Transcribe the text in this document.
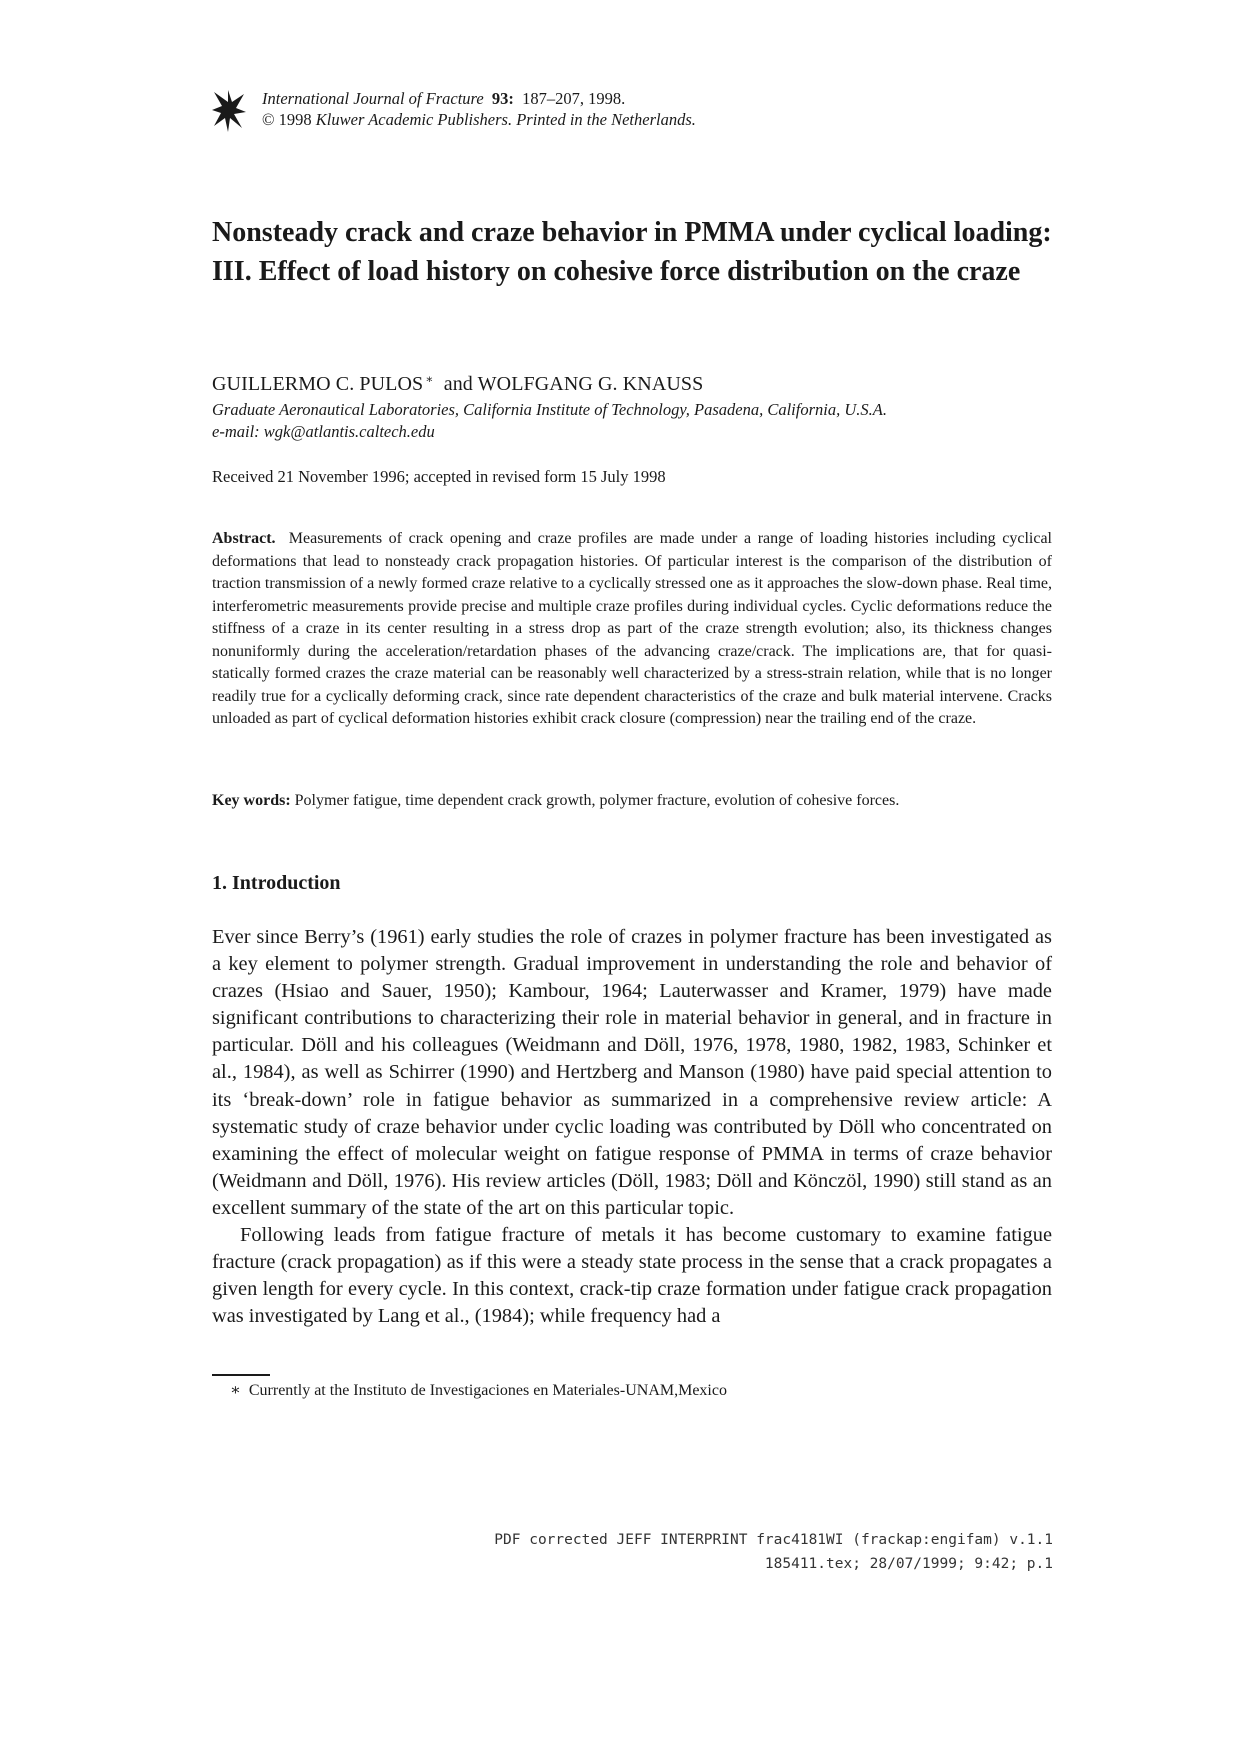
International Journal of Fracture 93: 187–207, 1998.
© 1998 Kluwer Academic Publishers. Printed in the Netherlands.
Nonsteady crack and craze behavior in PMMA under cyclical loading: III. Effect of load history on cohesive force distribution on the craze
GUILLERMO C. PULOS ∗ and WOLFGANG G. KNAUSS
Graduate Aeronautical Laboratories, California Institute of Technology, Pasadena, California, U.S.A.
e-mail: wgk@atlantis.caltech.edu
Received 21 November 1996; accepted in revised form 15 July 1998
Abstract. Measurements of crack opening and craze profiles are made under a range of loading histories including cyclical deformations that lead to nonsteady crack propagation histories. Of particular interest is the comparison of the distribution of traction transmission of a newly formed craze relative to a cyclically stressed one as it approaches the slow-down phase. Real time, interferometric measurements provide precise and multiple craze profiles during individual cycles. Cyclic deformations reduce the stiffness of a craze in its center resulting in a stress drop as part of the craze strength evolution; also, its thickness changes nonuniformly during the acceleration/retardation phases of the advancing craze/crack. The implications are, that for quasi-statically formed crazes the craze material can be reasonably well characterized by a stress-strain relation, while that is no longer readily true for a cyclically deforming crack, since rate dependent characteristics of the craze and bulk material intervene. Cracks unloaded as part of cyclical deformation histories exhibit crack closure (compression) near the trailing end of the craze.
Key words: Polymer fatigue, time dependent crack growth, polymer fracture, evolution of cohesive forces.
1. Introduction

Ever since Berry’s (1961) early studies the role of crazes in polymer fracture has been investigated as a key element to polymer strength. Gradual improvement in understanding the role and behavior of crazes (Hsiao and Sauer, 1950); Kambour, 1964; Lauterwasser and Kramer, 1979) have made significant contributions to characterizing their role in material behavior in general, and in fracture in particular. Döll and his colleagues (Weidmann and Döll, 1976, 1978, 1980, 1982, 1983, Schinker et al., 1984), as well as Schirrer (1990) and Hertzberg and Manson (1980) have paid special attention to its ‘break-down’ role in fatigue behavior as summarized in a comprehensive review article: A systematic study of craze behavior under cyclic loading was contributed by Döll who concentrated on examining the effect of molecular weight on fatigue response of PMMA in terms of craze behavior (Weidmann and Döll, 1976). His review articles (Döll, 1983; Döll and Könczöl, 1990) still stand as an excellent summary of the state of the art on this particular topic.

Following leads from fatigue fracture of metals it has become customary to examine fatigue fracture (crack propagation) as if this were a steady state process in the sense that a crack propagates a given length for every cycle. In this context, crack-tip craze formation under fatigue crack propagation was investigated by Lang et al., (1984); while frequency had a

∗ Currently at the Instituto de Investigaciones en Materiales-UNAM,Mexico
PDF corrected JEFF INTERPRINT frac4181WI (frackap:engifam) v.1.1
185411.tex; 28/07/1999; 9:42; p.1
